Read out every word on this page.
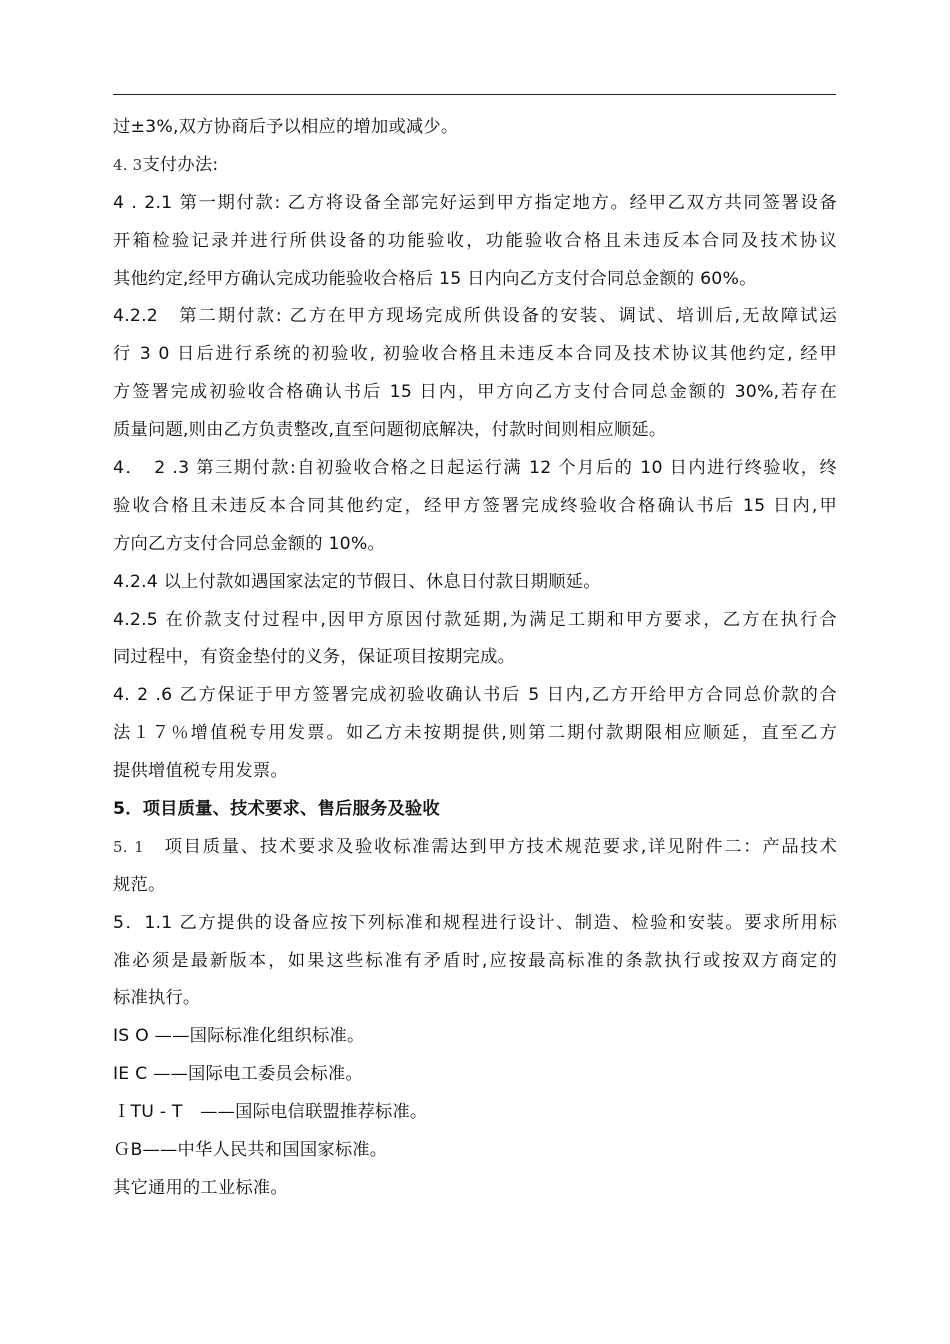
过±3%,双方协商后予以相应的增加或减少。
4. 3支付办法:
4 . 2.1 第一期付款: 乙方将设备全部完好运到甲方指定地方。经甲乙双方共同签署设备
开箱检验记录并进行所供设备的功能验收，功能验收合格且未违反本合同及技术协议
其他约定,经甲方确认完成功能验收合格后 15 日内向乙方支付合同总金额的 60%。
4.2.2　第二期付款: 乙方在甲方现场完成所供设备的安装、调试、培训后,无故障试运
行 3 0 日后进行系统的初验收, 初验收合格且未违反本合同及技术协议其他约定, 经甲
方签署完成初验收合格确认书后 15 日内，甲方向乙方支付合同总金额的 30%,若存在
质量问题,则由乙方负责整改,直至问题彻底解决，付款时间则相应顺延。
4．　2 .3 第三期付款:自初验收合格之日起运行满 12 个月后的 10 日内进行终验收，终
验收合格且未违反本合同其他约定，经甲方签署完成终验收合格确认书后 15 日内,甲
方向乙方支付合同总金额的 10%。
4.2.4 以上付款如遇国家法定的节假日、休息日付款日期顺延。
4.2.5 在价款支付过程中,因甲方原因付款延期,为满足工期和甲方要求，乙方在执行合
同过程中，有资金垫付的义务，保证项目按期完成。
4. 2 .6 乙方保证于甲方签署完成初验收确认书后 5 日内,乙方开给甲方合同总价款的合
法１７％增值税专用发票。如乙方未按期提供,则第二期付款期限相应顺延，直至乙方
提供增值税专用发票。
5．项目质量、技术要求、售后服务及验收
5. 1　项目质量、技术要求及验收标准需达到甲方技术规范要求,详见附件二：产品技术
规范。
5．1.1 乙方提供的设备应按下列标准和规程进行设计、制造、检验和安装。要求所用标
准必须是最新版本，如果这些标准有矛盾时,应按最高标准的条款执行或按双方商定的
标准执行。
IS O ——国际标准化组织标准。
IE C ——国际电工委员会标准。
ＩTU - T　——国际电信联盟推荐标准。
ＧB——中华人民共和国国家标准。
其它通用的工业标准。
